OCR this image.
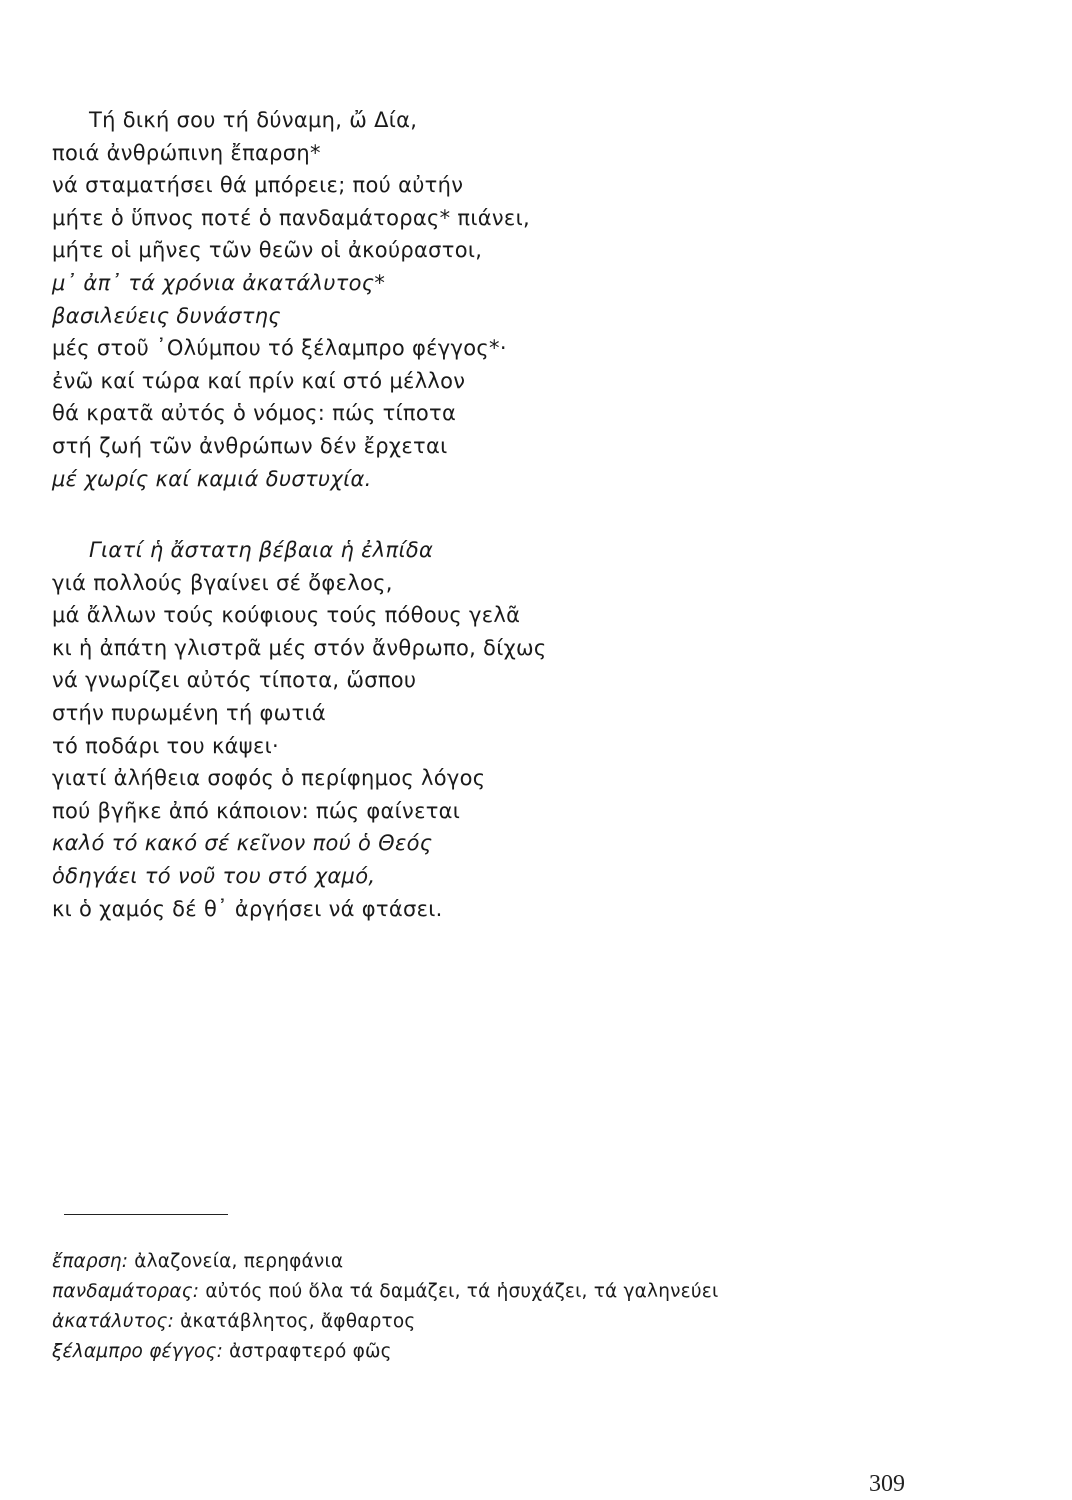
Τή δική σου τή δύναμη, ὤ Δία,
ποιά ἀνθρώπινη ἔπαρση*
νά σταματήσει θά μπόρειε; πού αὐτήν
μήτε ὁ ὕπνος ποτέ ὁ πανδαμάτορας* πιάνει,
μήτε οἱ μῆνες τῶν θεῶν οἱ ἀκούραστοι,
μ᾿ ἀπ᾿ τά χρόνια ἀκατάλυτος*
βασιλεύεις δυνάστης
μές στοῦ ᾿Ολύμπου τό ξέλαμπρο φέγγος*·
ἐνῶ καί τώρα καί πρίν καί στό μέλλον
θά κρατᾶ αὐτός ὁ νόμος: πώς τίποτα
στή ζωή τῶν ἀνθρώπων δέν ἔρχεται
μέ χωρίς καί καμιά δυστυχία.
Γιατί ἡ ἄστατη βέβαια ἡ ἐλπίδα
γιά πολλούς βγαίνει σέ ὄφελος,
μά ἄλλων τούς κούφιους τούς πόθους γελᾶ
κι ἡ ἀπάτη γλιστρᾶ μές στόν ἄνθρωπο, δίχως
νά γνωρίζει αὐτός τίποτα, ὥσπου
στήν πυρωμένη τή φωτιά
τό ποδάρι του κάψει·
γιατί ἀλήθεια σοφός ὁ περίφημος λόγος
πού βγῆκε ἀπό κάποιον: πώς φαίνεται
καλό τό κακό σέ κεῖνον πού ὁ Θεός
ὁδηγάει τό νοῦ του στό χαμό,
κι ὁ χαμός δέ θ᾿ ἀργήσει νά φτάσει.
ἔπαρση: ἀλαζονεία, περηφάνια
πανδαμάτορας: αὐτός πού ὅλα τά δαμάζει, τά ἡσυχάζει, τά γαληνεύει
ἀκατάλυτος: ἀκατάβλητος, ἄφθαρτος
ξέλαμπρο φέγγος: ἀστραφτερό φῶς
309
